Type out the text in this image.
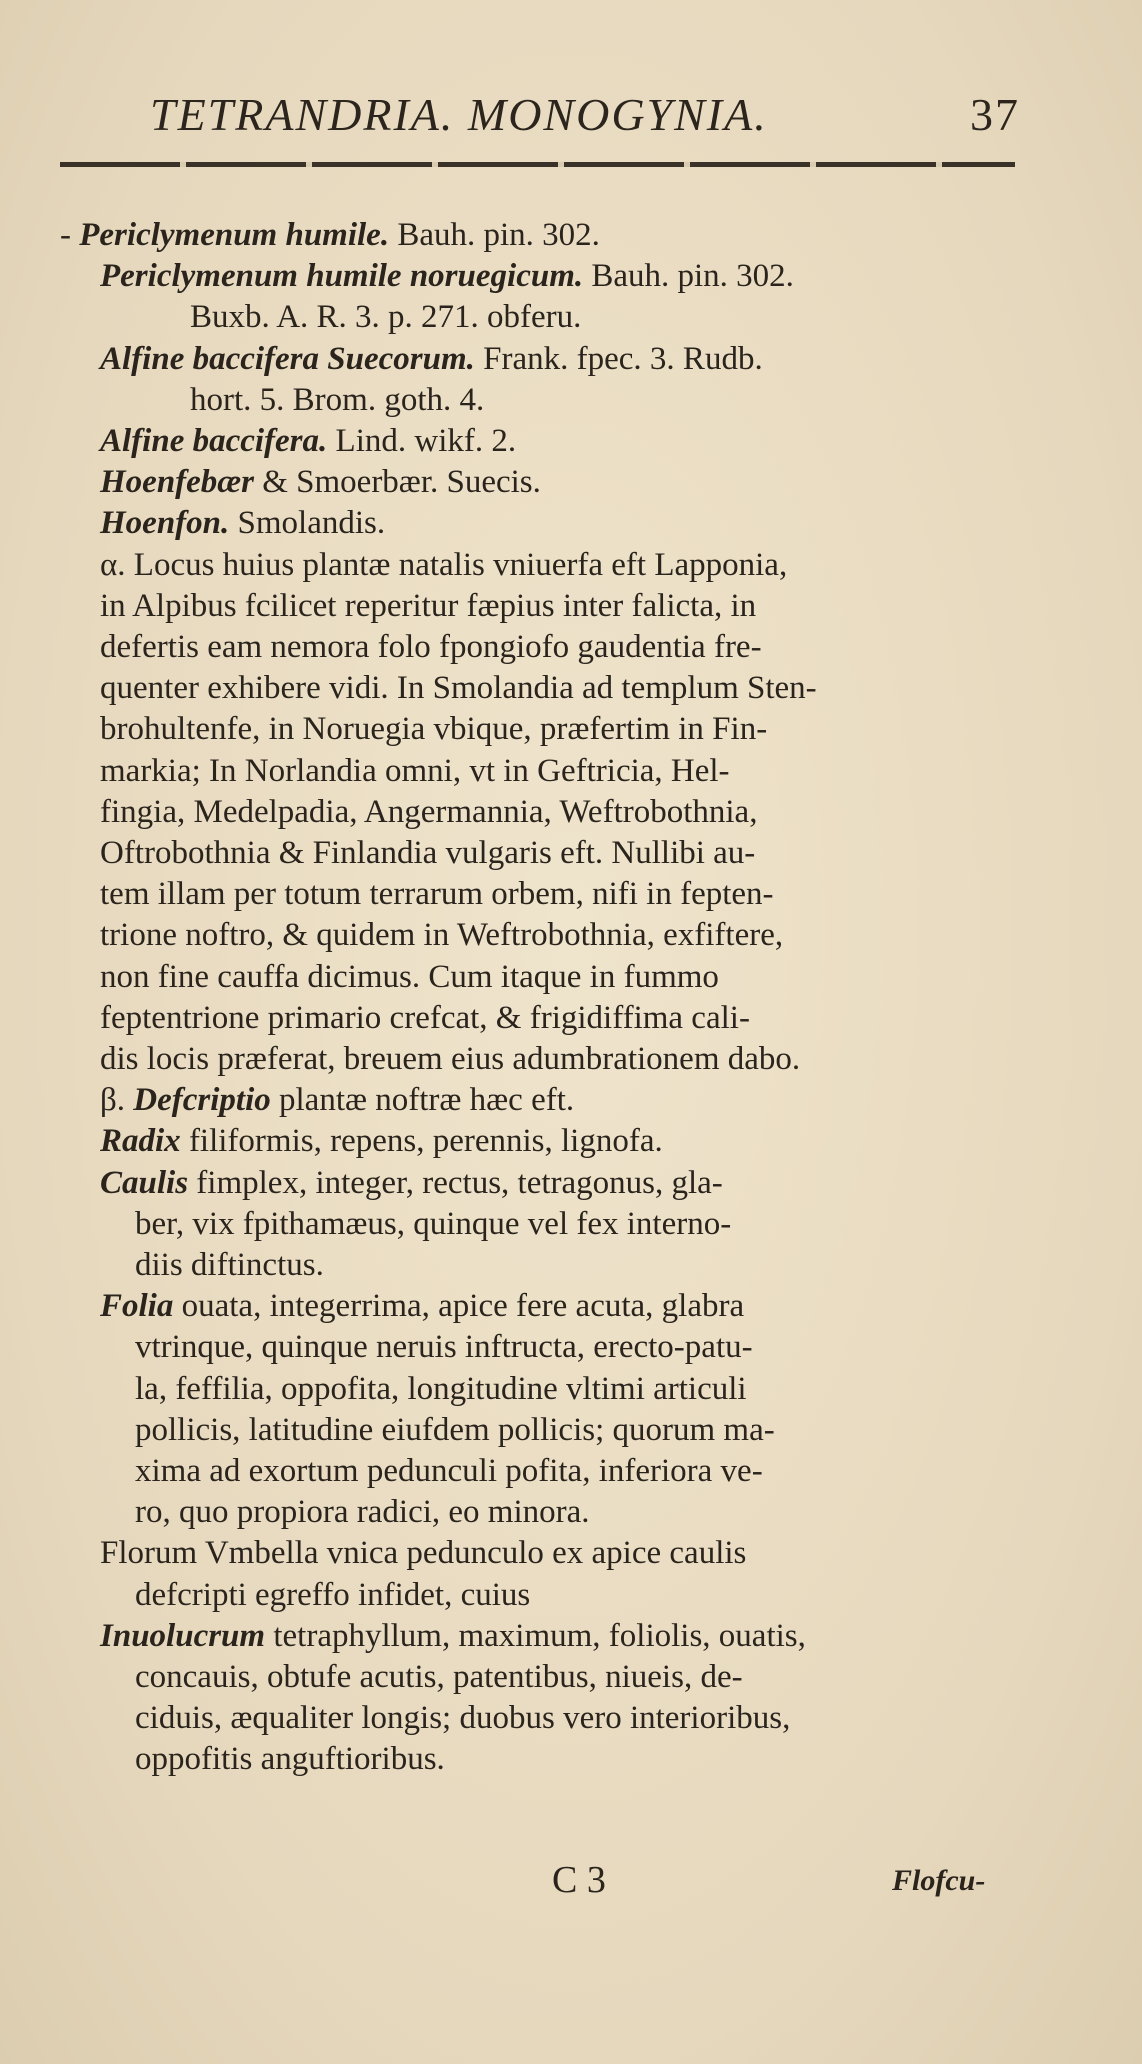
TETRANDRIA. MONOGYNIA.	37
- Periclymenum humile. Bauh. pin. 302.
Periclymenum humile noruegicum. Bauh. pin. 302.
Buxb. A. R. 3. p. 271. obferu.
Alfine baccifera Suecorum. Frank. fpec. 3. Rudb.
hort. 5. Brom. goth. 4.
Alfine baccifera. Lind. wikf. 2.
Hoenfebær & Smoerbær. Suecis.
Hoenfon. Smolandis.
α. Locus huius plantæ natalis vniuerfa eft Lapponia,
in Alpibus fcilicet reperitur fæpius inter falicta, in
defertis eam nemora folo fpongiofo gaudentia fre-
quenter exhibere vidi. In Smolandia ad templum Sten-
brohultenfe, in Noruegia vbique, præfertim in Fin-
markia; In Norlandia omni, vt in Geftricia, Hel-
fingia, Medelpadia, Angermannia, Weftrobothnia,
Oftrobothnia & Finlandia vulgaris eft. Nullibi au-
tem illam per totum terrarum orbem, nifi in fepten-
trione noftro, & quidem in Weftrobothnia, exfiftere,
non fine cauffa dicimus. Cum itaque in fummo
feptentrione primario crefcat, & frigidiffima cali-
dis locis præferat, breuem eius adumbrationem dabo.
β. Defcriptio plantæ noftræ hæc eft.
Radix filiformis, repens, perennis, lignofa.
Caulis fimplex, integer, rectus, tetragonus, gla-
ber, vix fpithamæus, quinque vel fex interno-
diis diftinctus.
Folia ouata, integerrima, apice fere acuta, glabra
vtrinque, quinque neruis inftructa, erecto-patu-
la, feffilia, oppofita, longitudine vltimi articuli
pollicis, latitudine eiufdem pollicis; quorum ma-
xima ad exortum pedunculi pofita, inferiora ve-
ro, quo propiora radici, eo minora.
Florum Vmbella vnica pedunculo ex apice caulis
defcripti egreffo infidet, cuius
Inuolucrum tetraphyllum, maximum, foliolis, ouatis,
concauis, obtufe acutis, patentibus, niueis, de-
ciduis, æqualiter longis; duobus vero interioribus,
oppofitis anguftioribus.
C 3	Flofcu-
